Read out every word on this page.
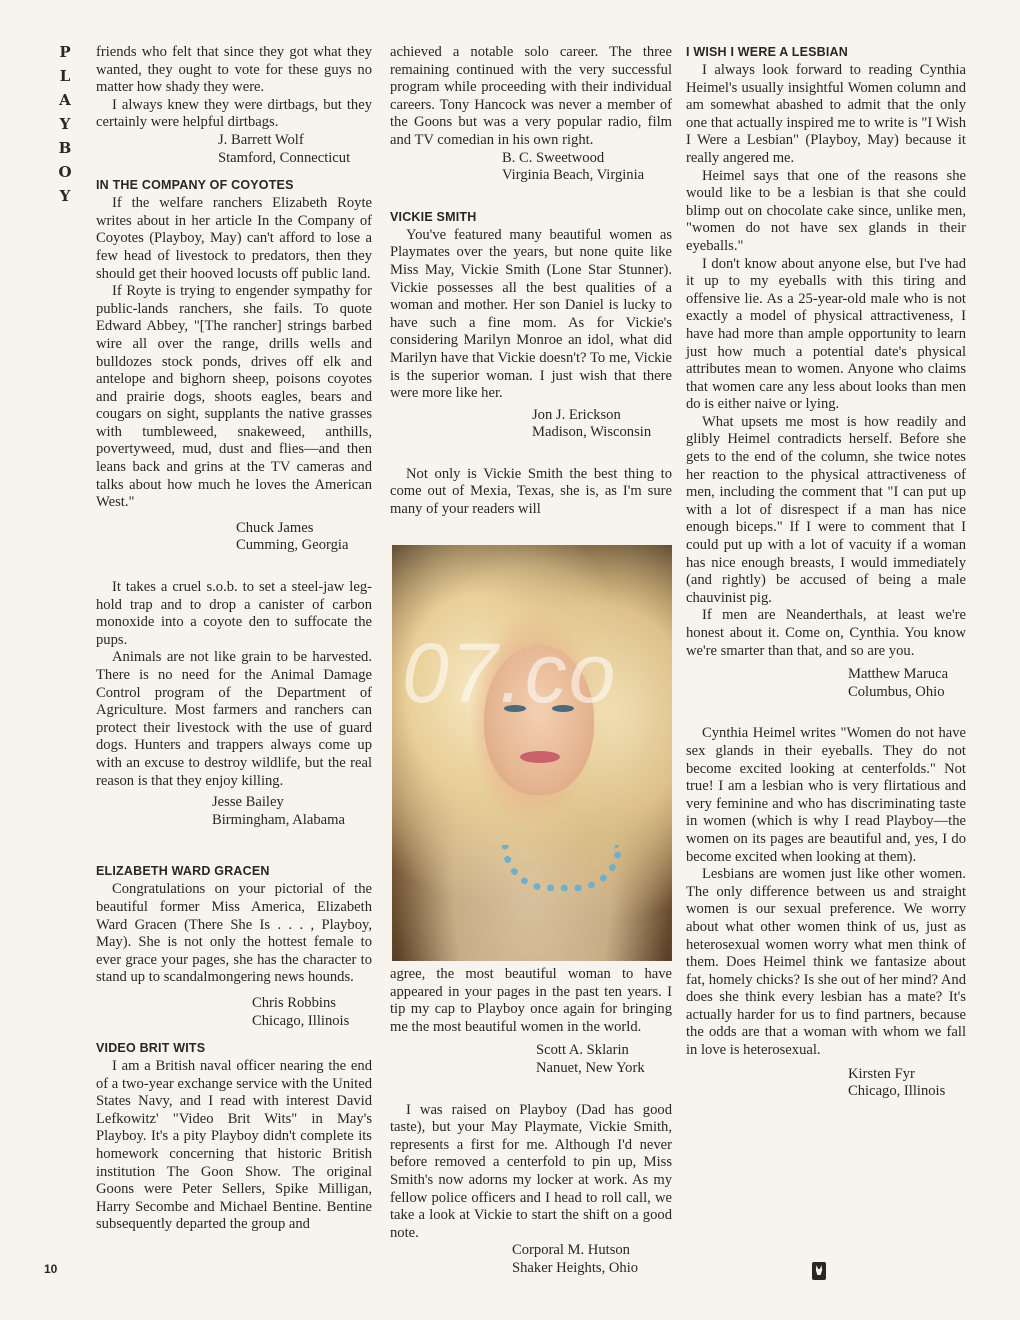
P
L
A
Y
B
O
Y

friends who felt that since they got what they wanted, they ought to vote for these guys no matter how shady they were.

I always knew they were dirtbags, but they certainly were helpful dirtbags.

J. Barrett Wolf
Stamford, Connecticut
IN THE COMPANY OF COYOTES

If the welfare ranchers Elizabeth Royte writes about in her article In the Company of Coyotes (Playboy, May) can't afford to lose a few head of livestock to predators, then they should get their hooved locusts off public land.

If Royte is trying to engender sympathy for public-lands ranchers, she fails. To quote Edward Abbey, "[The rancher] strings barbed wire all over the range, drills wells and bulldozes stock ponds, drives off elk and antelope and bighorn sheep, poisons coyotes and prairie dogs, shoots eagles, bears and cougars on sight, supplants the native grasses with tumbleweed, snakeweed, anthills, povertyweed, mud, dust and flies—and then leans back and grins at the TV cameras and talks about how much he loves the American West."

Chuck James
Cumming, Georgia

It takes a cruel s.o.b. to set a steel-jaw leg-hold trap and to drop a canister of carbon monoxide into a coyote den to suffocate the pups.

Animals are not like grain to be harvested. There is no need for the Animal Damage Control program of the Department of Agriculture. Most farmers and ranchers can protect their livestock with the use of guard dogs. Hunters and trappers always come up with an excuse to destroy wildlife, but the real reason is that they enjoy killing.

Jesse Bailey
Birmingham, Alabama
ELIZABETH WARD GRACEN

Congratulations on your pictorial of the beautiful former Miss America, Elizabeth Ward Gracen (There She Is . . . , Playboy, May). She is not only the hottest female to ever grace your pages, she has the character to stand up to scandalmongering news hounds.

Chris Robbins
Chicago, Illinois
VIDEO BRIT WITS

I am a British naval officer nearing the end of a two-year exchange service with the United States Navy, and I read with interest David Lefkowitz' "Video Brit Wits" in May's Playboy. It's a pity Playboy didn't complete its homework concerning that historic British institution The Goon Show. The original Goons were Peter Sellers, Spike Milligan, Harry Secombe and Michael Bentine. Bentine subsequently departed the group and

achieved a notable solo career. The three remaining continued with the very successful program while proceeding with their individual careers. Tony Hancock was never a member of the Goons but was a very popular radio, film and TV comedian in his own right.

B. C. Sweetwood
Virginia Beach, Virginia
VICKIE SMITH

You've featured many beautiful women as Playmates over the years, but none quite like Miss May, Vickie Smith (Lone Star Stunner). Vickie possesses all the best qualities of a woman and mother. Her son Daniel is lucky to have such a fine mom. As for Vickie's considering Marilyn Monroe an idol, what did Marilyn have that Vickie doesn't? To me, Vickie is the superior woman. I just wish that there were more like her.

Jon J. Erickson
Madison, Wisconsin

Not only is Vickie Smith the best thing to come out of Mexia, Texas, she is, as I'm sure many of your readers will

07.co

agree, the most beautiful woman to have appeared in your pages in the past ten years. I tip my cap to Playboy once again for bringing me the most beautiful women in the world.

Scott A. Sklarin
Nanuet, New York

I was raised on Playboy (Dad has good taste), but your May Playmate, Vickie Smith, represents a first for me. Although I'd never before removed a centerfold to pin up, Miss Smith's now adorns my locker at work. As my fellow police officers and I head to roll call, we take a look at Vickie to start the shift on a good note.

Corporal M. Hutson
Shaker Heights, Ohio
I WISH I WERE A LESBIAN

I always look forward to reading Cynthia Heimel's usually insightful Women column and am somewhat abashed to admit that the only one that actually inspired me to write is "I Wish I Were a Lesbian" (Playboy, May) because it really angered me.

Heimel says that one of the reasons she would like to be a lesbian is that she could blimp out on chocolate cake since, unlike men, "women do not have sex glands in their eyeballs."

I don't know about anyone else, but I've had it up to my eyeballs with this tiring and offensive lie. As a 25-year-old male who is not exactly a model of physical attractiveness, I have had more than ample opportunity to learn just how much a potential date's physical attributes mean to women. Anyone who claims that women care any less about looks than men do is either naive or lying.

What upsets me most is how readily and glibly Heimel contradicts herself. Before she gets to the end of the column, she twice notes her reaction to the physical attractiveness of men, including the comment that "I can put up with a lot of disrespect if a man has nice enough biceps." If I were to comment that I could put up with a lot of vacuity if a woman has nice enough breasts, I would immediately (and rightly) be accused of being a male chauvinist pig.

If men are Neanderthals, at least we're honest about it. Come on, Cynthia. You know we're smarter than that, and so are you.

Matthew Maruca
Columbus, Ohio

Cynthia Heimel writes "Women do not have sex glands in their eyeballs. They do not become excited looking at centerfolds." Not true! I am a lesbian who is very flirtatious and very feminine and who has discriminating taste in women (which is why I read Playboy—the women on its pages are beautiful and, yes, I do become excited when looking at them).

Lesbians are women just like other women. The only difference between us and straight women is our sexual preference. We worry about what other women think of us, just as heterosexual women worry what men think of them. Does Heimel think we fantasize about fat, homely chicks? Is she out of her mind? And does she think every lesbian has a mate? It's actually harder for us to find partners, because the odds are that a woman with whom we fall in love is heterosexual.

Kirsten Fyr
Chicago, Illinois
10
